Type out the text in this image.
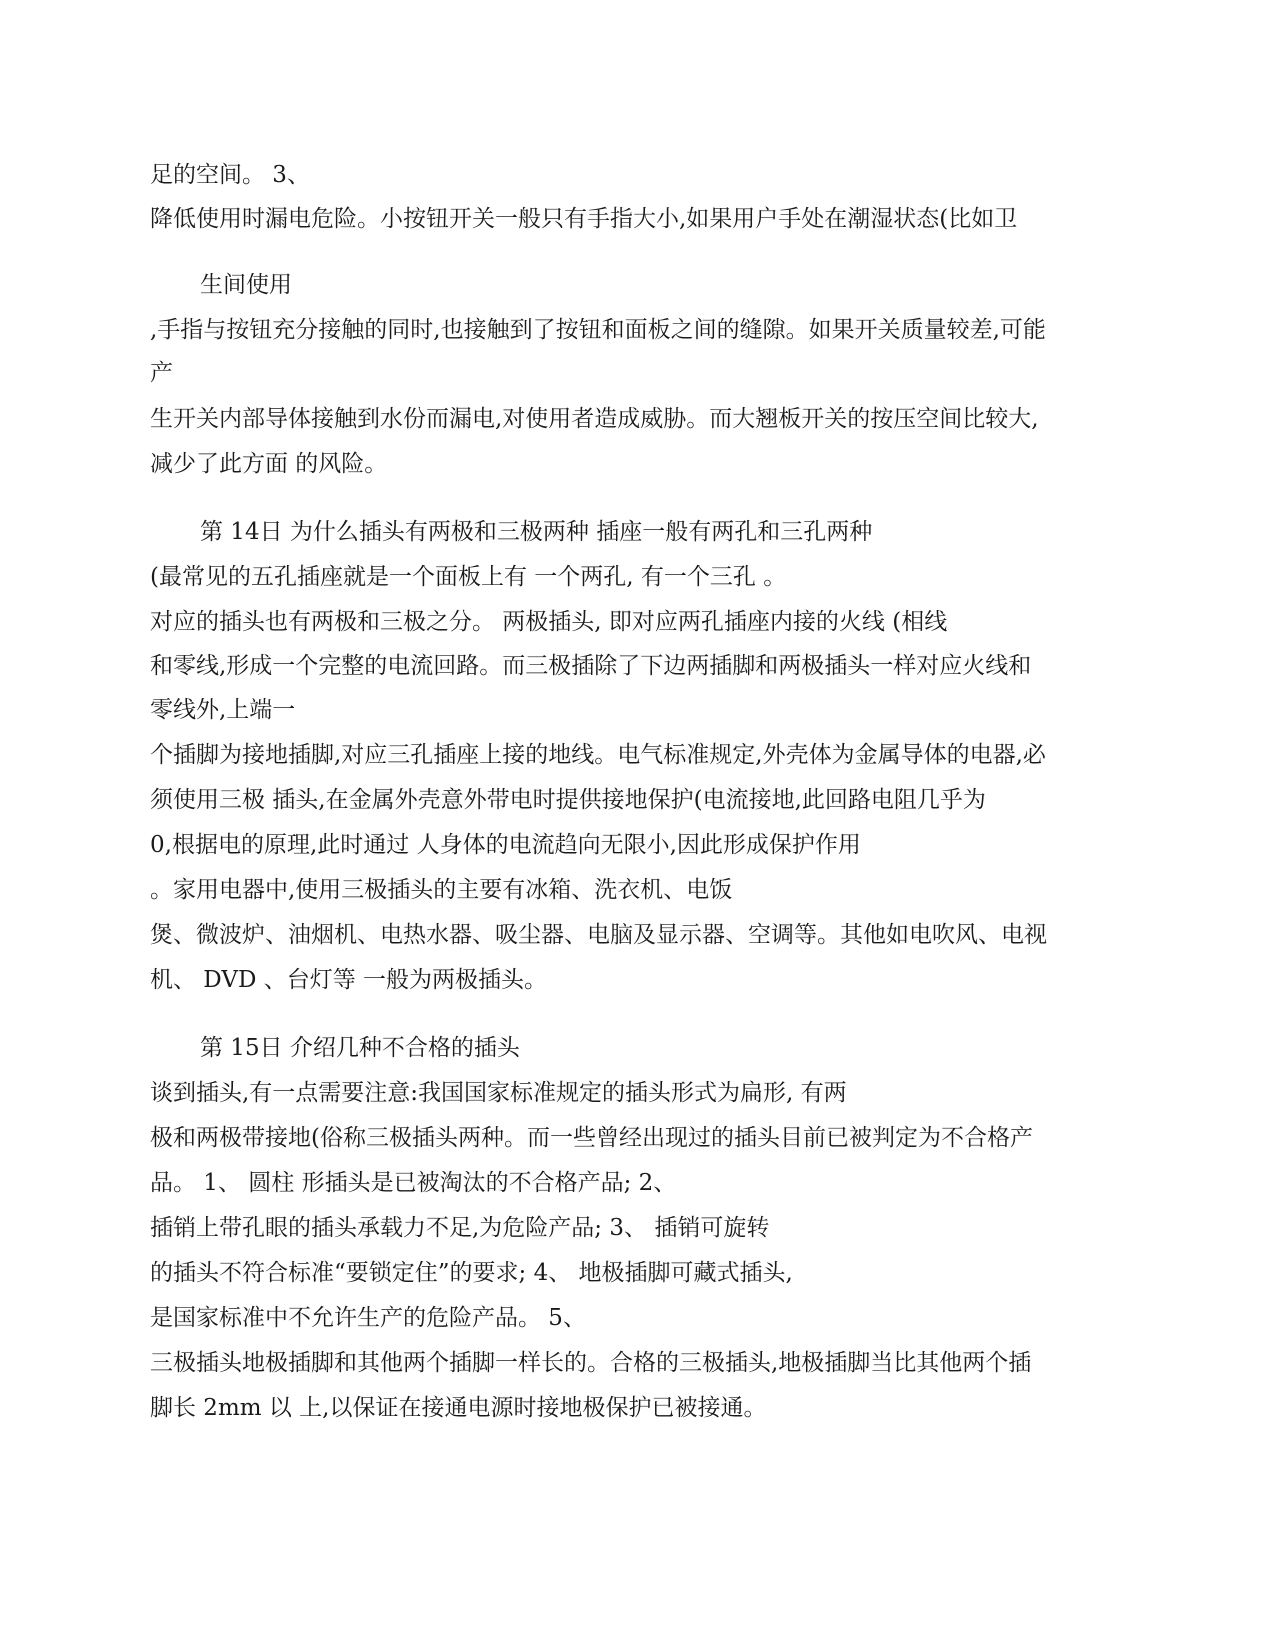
足的空间。 3、
降低使用时漏电危险。小按钮开关一般只有手指大小,如果用户手处在潮湿状态(比如卫
生间使用
,手指与按钮充分接触的同时,也接触到了按钮和面板之间的缝隙。如果开关质量较差,可能
产
生开关内部导体接触到水份而漏电,对使用者造成威胁。而大翘板开关的按压空间比较大,
减少了此方面 的风险。
第 14日 为什么插头有两极和三极两种 插座一般有两孔和三孔两种
(最常见的五孔插座就是一个面板上有 一个两孔, 有一个三孔 。
对应的插头也有两极和三极之分。 两极插头, 即对应两孔插座内接的火线 (相线
和零线,形成一个完整的电流回路。而三极插除了下边两插脚和两极插头一样对应火线和
零线外,上端一
个插脚为接地插脚,对应三孔插座上接的地线。电气标准规定,外壳体为金属导体的电器,必
须使用三极 插头,在金属外壳意外带电时提供接地保护(电流接地,此回路电阻几乎为
0,根据电的原理,此时通过 人身体的电流趋向无限小,因此形成保护作用
。家用电器中,使用三极插头的主要有冰箱、洗衣机、电饭
煲、微波炉、油烟机、电热水器、吸尘器、电脑及显示器、空调等。其他如电吹风、电视
机、 DVD 、台灯等 一般为两极插头。
第 15日 介绍几种不合格的插头
谈到插头,有一点需要注意:我国国家标准规定的插头形式为扁形, 有两
极和两极带接地(俗称三极插头两种。而一些曾经出现过的插头目前已被判定为不合格产
品。 1、 圆柱 形插头是已被淘汰的不合格产品; 2、
插销上带孔眼的插头承载力不足,为危险产品; 3、 插销可旋转
的插头不符合标准“要锁定住”的要求; 4、 地极插脚可藏式插头,
是国家标准中不允许生产的危险产品。 5、
三极插头地极插脚和其他两个插脚一样长的。合格的三极插头,地极插脚当比其他两个插
脚长 2mm 以 上,以保证在接通电源时接地极保护已被接通。
